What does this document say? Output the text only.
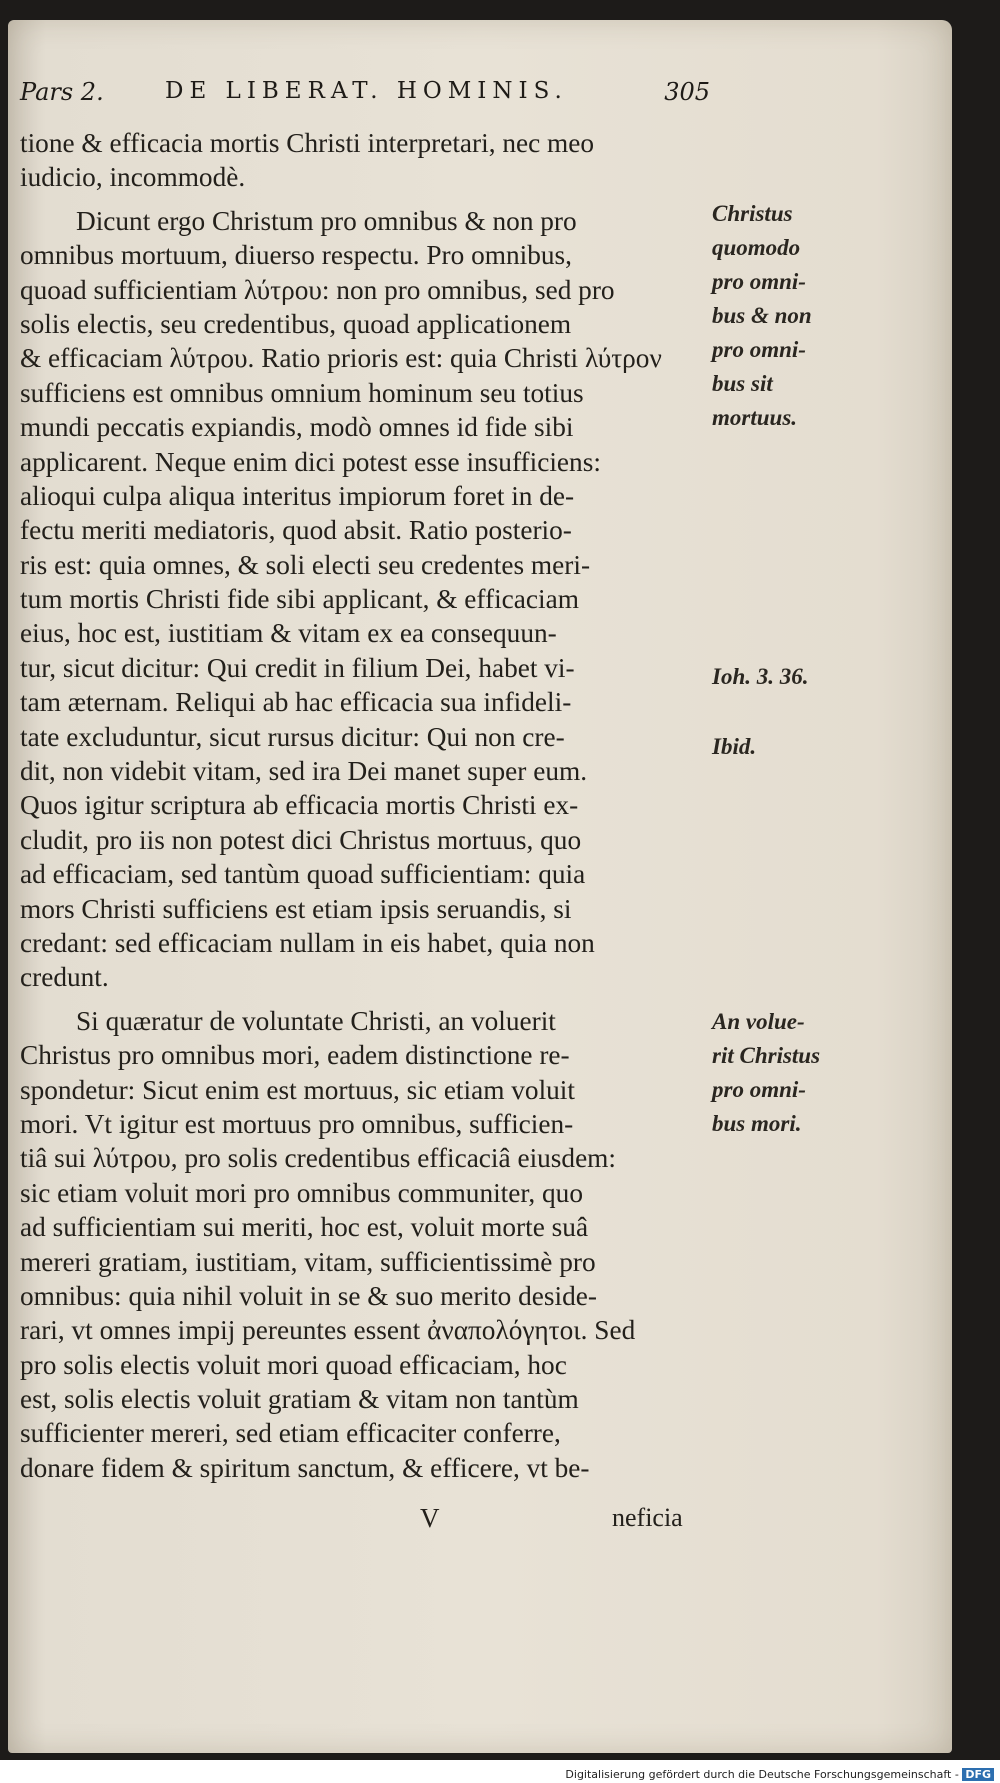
Pars 2.	DE LIBERAT. HOMINIS.	305
tione & efficacia mortis Christi interpretari, nec meo
iudicio, incommodè.
Dicunt ergo Christum pro omnibus & non pro
omnibus mortuum, diuerso respectu. Pro omnibus,
quoad sufficientiam λύτρου: non pro omnibus, sed pro
solis electis, seu credentibus, quoad applicationem
& efficaciam λύτρου. Ratio prioris est: quia Christi λύτρον
sufficiens est omnibus omnium hominum seu totius
mundi peccatis expiandis, modò omnes id fide sibi
applicarent. Neque enim dici potest esse insufficiens:
alioqui culpa aliqua interitus impiorum foret in de-
fectu meriti mediatoris, quod absit. Ratio posterio-
ris est: quia omnes, & soli electi seu credentes meri-
tum mortis Christi fide sibi applicant, & efficaciam
eius, hoc est, iustitiam & vitam ex ea consequun-
tur, sicut dicitur: Qui credit in filium Dei, habet vi-
tam æternam. Reliqui ab hac efficacia sua infideli-
tate excluduntur, sicut rursus dicitur: Qui non cre-
dit, non videbit vitam, sed ira Dei manet super eum.
Quos igitur scriptura ab efficacia mortis Christi ex-
cludit, pro iis non potest dici Christus mortuus, quo
ad efficaciam, sed tantùm quoad sufficientiam: quia
mors Christi sufficiens est etiam ipsis seruandis, si
credant: sed efficaciam nullam in eis habet, quia non
credunt.
Si quæratur de voluntate Christi, an voluerit
Christus pro omnibus mori, eadem distinctione re-
spondetur: Sicut enim est mortuus, sic etiam voluit
mori. Vt igitur est mortuus pro omnibus, sufficien-
tiâ sui λύτρου, pro solis credentibus efficaciâ eiusdem:
sic etiam voluit mori pro omnibus communiter, quo
ad sufficientiam sui meriti, hoc est, voluit morte suâ
mereri gratiam, iustitiam, vitam, sufficientissimè pro
omnibus: quia nihil voluit in se & suo merito deside-
rari, vt omnes impij pereuntes essent ἀναπολόγητοι. Sed
pro solis electis voluit mori quoad efficaciam, hoc
est, solis electis voluit gratiam & vitam non tantùm
sufficienter mereri, sed etiam efficaciter conferre,
donare fidem & spiritum sanctum, & efficere, vt be-
Christus
quomodo
pro omni-
bus & non
pro omni-
bus sit
mortuus.
Ioh. 3. 36.
Ibid.
An volue-
rit Christus
pro omni-
bus mori.
V	neficia
Digitalisierung gefördert durch die Deutsche Forschungsgemeinschaft - DFG
